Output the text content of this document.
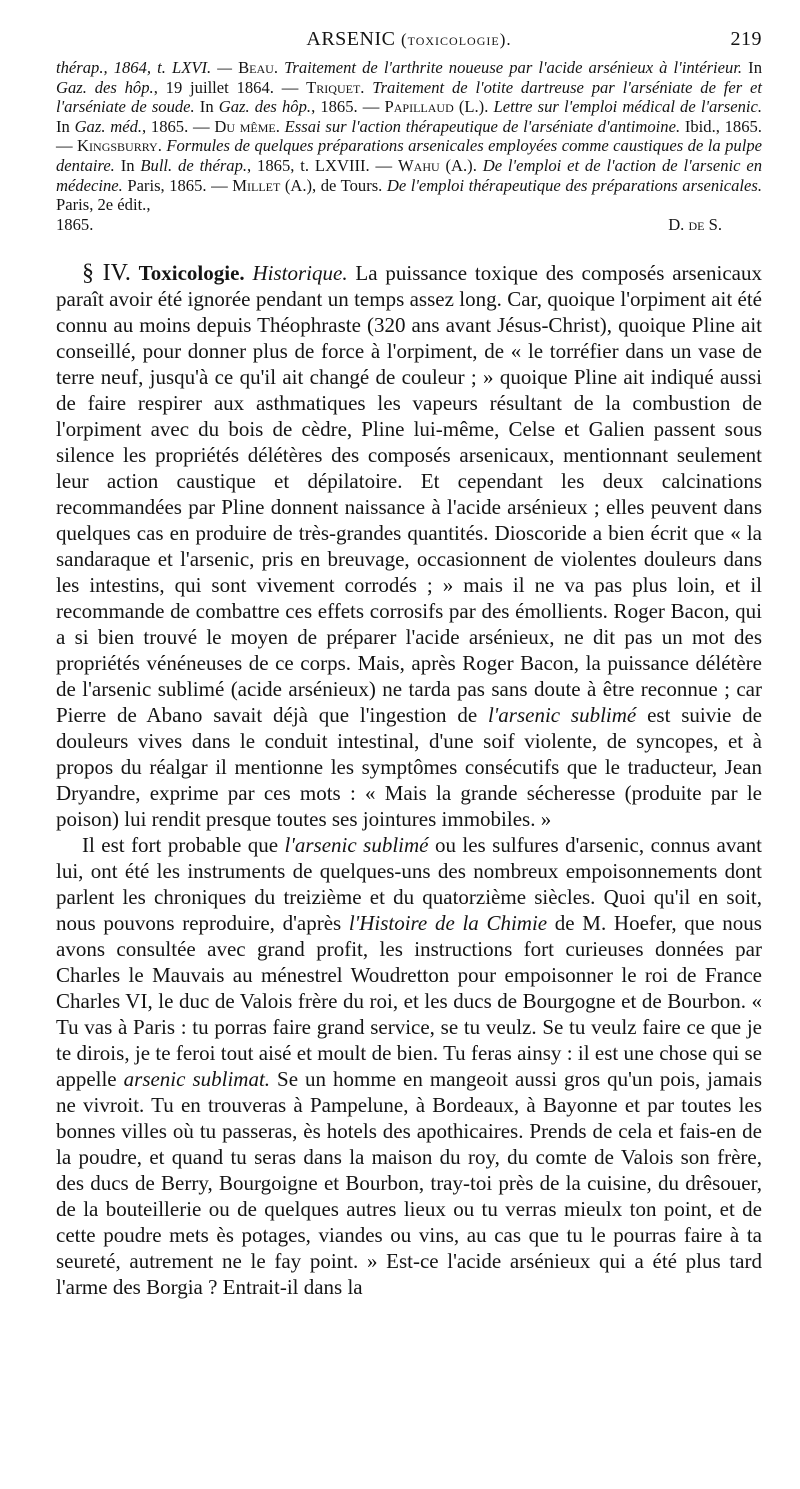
ARSENIC (toxicologie).	219
thérap., 1864, t. LXVI. — Beau. Traitement de l'arthrite noueuse par l'acide arsénieux à l'intérieur. In Gaz. des hôp., 19 juillet 1864. — Triquet. Traitement de l'otite dartreuse par l'arséniate de fer et l'arséniate de soude. In Gaz. des hôp., 1865. — Papillaud (L.). Lettre sur l'emploi médical de l'arsenic. In Gaz. méd., 1865. — Du même. Essai sur l'action thérapeutique de l'arséniate d'antimoine. Ibid., 1865. — Kingsburry. Formules de quelques préparations arsenicales employées comme caustiques de la pulpe dentaire. In Bull. de thérap., 1865, t. LXVIII. — Wahu (A.). De l'emploi et de l'action de l'arsenic en médecine. Paris, 1865. — Millet (A.), de Tours. De l'emploi thérapeutique des préparations arsenicales. Paris, 2e édit.,
1865.	D. de S.

§ IV. Toxicologie. Historique. La puissance toxique des composés arsenicaux paraît avoir été ignorée pendant un temps assez long. Car, quoique l'orpiment ait été connu au moins depuis Théophraste (320 ans avant Jésus-Christ), quoique Pline ait conseillé, pour donner plus de force à l'orpiment, de « le torréfier dans un vase de terre neuf, jusqu'à ce qu'il ait changé de couleur ; » quoique Pline ait indiqué aussi de faire respirer aux asthmatiques les vapeurs résultant de la combustion de l'orpiment avec du bois de cèdre, Pline lui-même, Celse et Galien passent sous silence les propriétés délétères des composés arsenicaux, mentionnant seulement leur action caustique et dépilatoire. Et cependant les deux calcinations recommandées par Pline donnent naissance à l'acide arsénieux ; elles peuvent dans quelques cas en produire de très-grandes quantités. Dioscoride a bien écrit que « la sandaraque et l'arsenic, pris en breuvage, occasionnent de violentes douleurs dans les intestins, qui sont vivement corrodés ; » mais il ne va pas plus loin, et il recommande de combattre ces effets corrosifs par des émollients. Roger Bacon, qui a si bien trouvé le moyen de préparer l'acide arsénieux, ne dit pas un mot des propriétés vénéneuses de ce corps. Mais, après Roger Bacon, la puissance délétère de l'arsenic sublimé (acide arsénieux) ne tarda pas sans doute à être reconnue ; car Pierre de Abano savait déjà que l'ingestion de l'arsenic sublimé est suivie de douleurs vives dans le conduit intestinal, d'une soif violente, de syncopes, et à propos du réalgar il mentionne les symptômes consécutifs que le traducteur, Jean Dryandre, exprime par ces mots : « Mais la grande sécheresse (produite par le poison) lui rendit presque toutes ses jointures immobiles. »

Il est fort probable que l'arsenic sublimé ou les sulfures d'arsenic, connus avant lui, ont été les instruments de quelques-uns des nombreux empoisonnements dont parlent les chroniques du treizième et du quatorzième siècles. Quoi qu'il en soit, nous pouvons reproduire, d'après l'Histoire de la Chimie de M. Hoefer, que nous avons consultée avec grand profit, les instructions fort curieuses données par Charles le Mauvais au ménestrel Woudretton pour empoisonner le roi de France Charles VI, le duc de Valois frère du roi, et les ducs de Bourgogne et de Bourbon. « Tu vas à Paris : tu porras faire grand service, se tu veulz. Se tu veulz faire ce que je te dirois, je te feroi tout aisé et moult de bien. Tu feras ainsy : il est une chose qui se appelle arsenic sublimat. Se un homme en mangeoit aussi gros qu'un pois, jamais ne vivroit. Tu en trouveras à Pampelune, à Bordeaux, à Bayonne et par toutes les bonnes villes où tu passeras, ès hotels des apothicaires. Prends de cela et fais-en de la poudre, et quand tu seras dans la maison du roy, du comte de Valois son frère, des ducs de Berry, Bourgoigne et Bourbon, tray-toi près de la cuisine, du drêsouer, de la bouteillerie ou de quelques autres lieux ou tu verras mieulx ton point, et de cette poudre mets ès potages, viandes ou vins, au cas que tu le pourras faire à ta seureté, autrement ne le fay point. » Est-ce l'acide arsénieux qui a été plus tard l'arme des Borgia ? Entrait-il dans la
